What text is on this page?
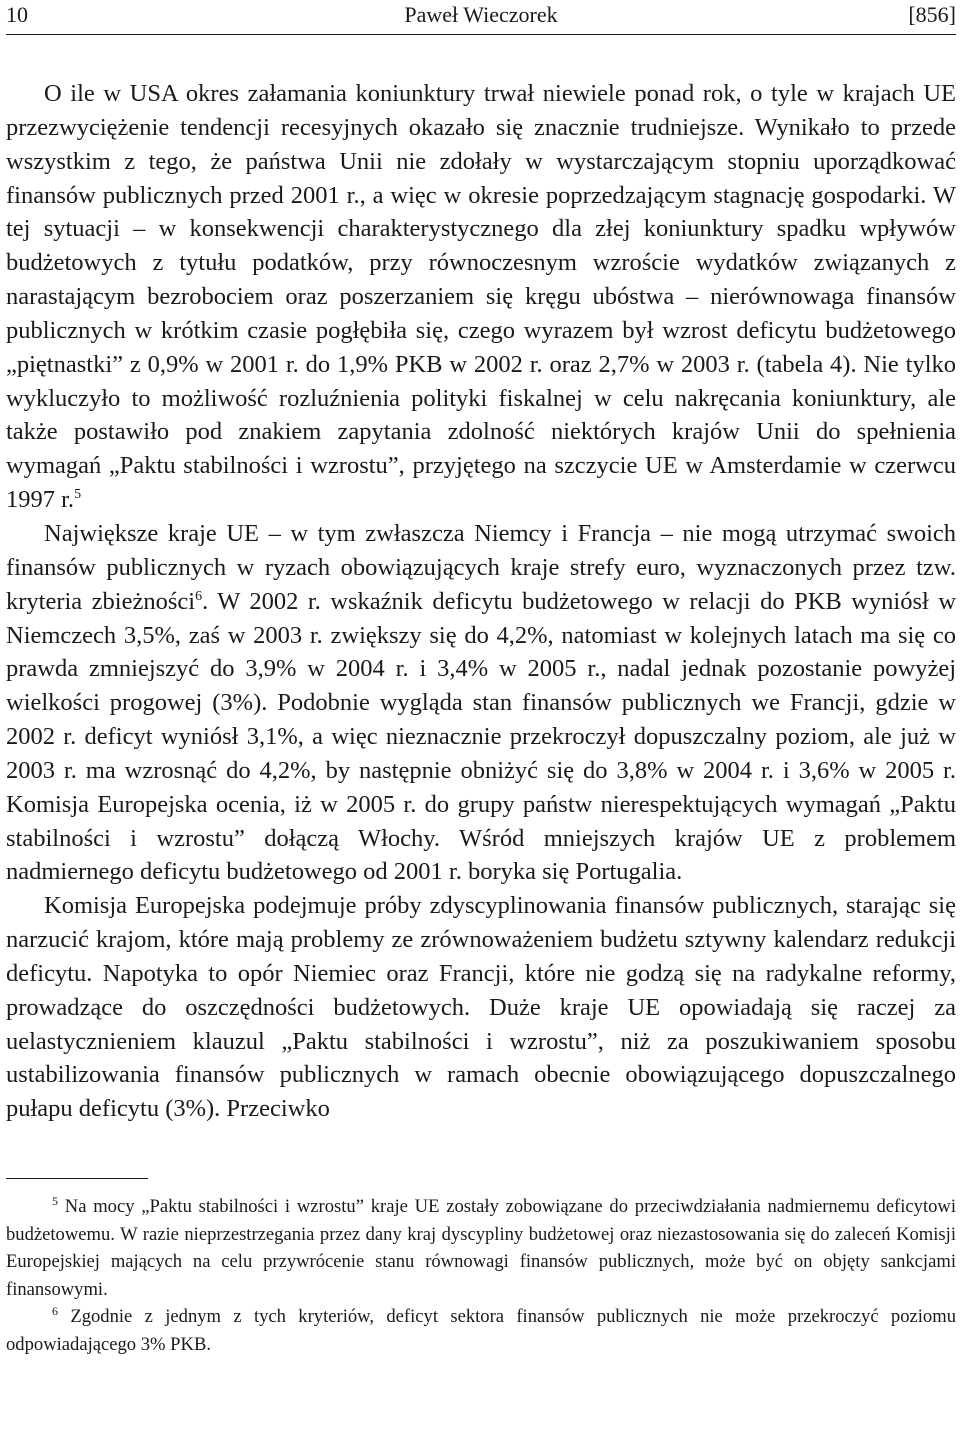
10	Paweł Wieczorek	[856]

O ile w USA okres załamania koniunktury trwał niewiele ponad rok, o tyle w krajach UE przezwyciężenie tendencji recesyjnych okazało się znacznie trudniejsze. Wynikało to przede wszystkim z tego, że państwa Unii nie zdołały w wystarczającym stopniu uporządkować finansów publicznych przed 2001 r., a więc w okresie poprzedzającym stagnację gospodarki. W tej sytuacji – w konsekwencji charakterystycznego dla złej koniunktury spadku wpływów budżetowych z tytułu podatków, przy równoczesnym wzroście wydatków związanych z narastającym bezrobociem oraz poszerzaniem się kręgu ubóstwa – nierównowaga finansów publicznych w krótkim czasie pogłębiła się, czego wyrazem był wzrost deficytu budżetowego „piętnastki” z 0,9% w 2001 r. do 1,9% PKB w 2002 r. oraz 2,7% w 2003 r. (tabela 4). Nie tylko wykluczyło to możliwość rozluźnienia polityki fiskalnej w celu nakręcania koniunktury, ale także postawiło pod znakiem zapytania zdolność niektórych krajów Unii do spełnienia wymagań „Paktu stabilności i wzrostu”, przyjętego na szczycie UE w Amsterdamie w czerwcu 1997 r.$^5$

Największe kraje UE – w tym zwłaszcza Niemcy i Francja – nie mogą utrzymać swoich finansów publicznych w ryzach obowiązujących kraje strefy euro, wyznaczonych przez tzw. kryteria zbieżności$^6$. W 2002 r. wskaźnik deficytu budżetowego w relacji do PKB wyniósł w Niemczech 3,5%, zaś w 2003 r. zwiększy się do 4,2%, natomiast w kolejnych latach ma się co prawda zmniejszyć do 3,9% w 2004 r. i 3,4% w 2005 r., nadal jednak pozostanie powyżej wielkości progowej (3%). Podobnie wygląda stan finansów publicznych we Francji, gdzie w 2002 r. deficyt wyniósł 3,1%, a więc nieznacznie przekroczył dopuszczalny poziom, ale już w 2003 r. ma wzrosnąć do 4,2%, by następnie obniżyć się do 3,8% w 2004 r. i 3,6% w 2005 r. Komisja Europejska ocenia, iż w 2005 r. do grupy państw nierespektujących wymagań „Paktu stabilności i wzrostu” dołączą Włochy. Wśród mniejszych krajów UE z problemem nadmiernego deficytu budżetowego od 2001 r. boryka się Portugalia.

Komisja Europejska podejmuje próby zdyscyplinowania finansów publicznych, starając się narzucić krajom, które mają problemy ze zrównoważeniem budżetu sztywny kalendarz redukcji deficytu. Napotyka to opór Niemiec oraz Francji, które nie godzą się na radykalne reformy, prowadzące do oszczędności budżetowych. Duże kraje UE opowiadają się raczej za uelastycznieniem klauzul „Paktu stabilności i wzrostu”, niż za poszukiwaniem sposobu ustabilizowania finansów publicznych w ramach obecnie obowiązującego dopuszczalnego pułapu deficytu (3%). Przeciwko

$^5$ Na mocy „Paktu stabilności i wzrostu” kraje UE zostały zobowiązane do przeciwdziałania nadmiernemu deficytowi budżetowemu. W razie nieprzestrzegania przez dany kraj dyscypliny budżetowej oraz niezastosowania się do zaleceń Komisji Europejskiej mających na celu przywrócenie stanu równowagi finansów publicznych, może być on objęty sankcjami finansowymi.

$^6$ Zgodnie z jednym z tych kryteriów, deficyt sektora finansów publicznych nie może przekroczyć poziomu odpowiadającego 3% PKB.
